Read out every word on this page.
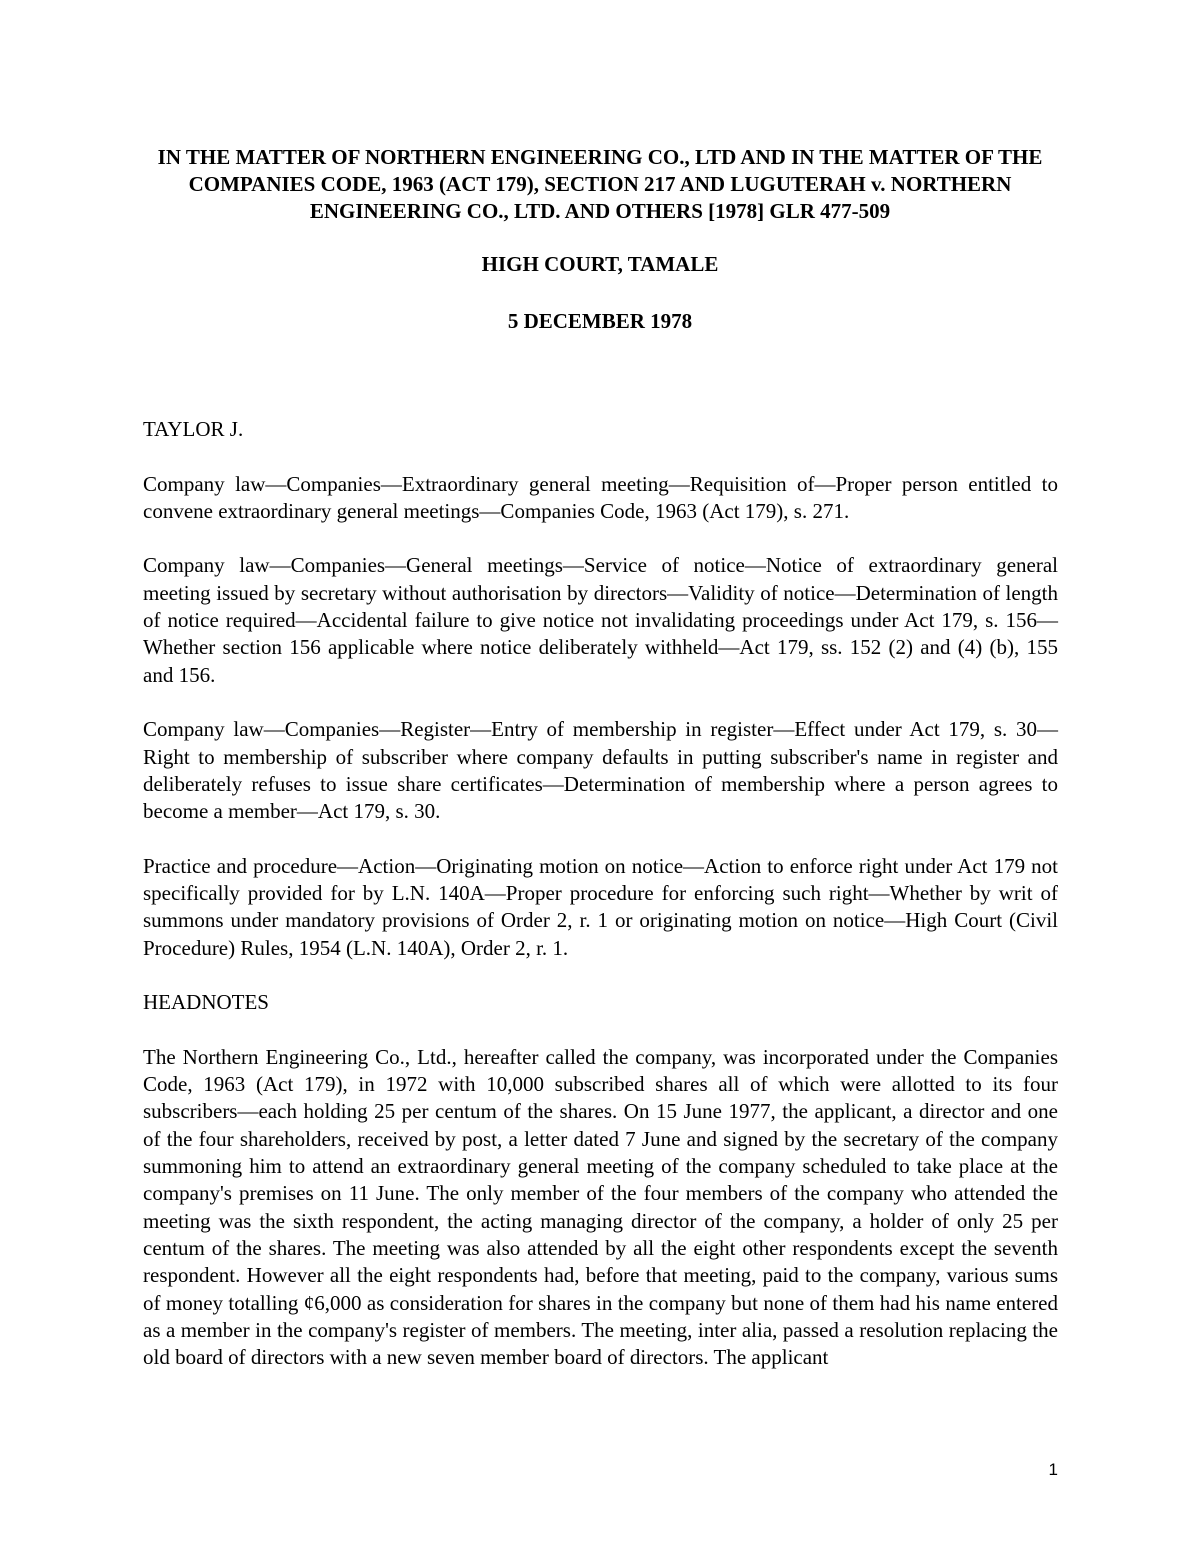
IN THE MATTER OF NORTHERN ENGINEERING CO., LTD AND IN THE MATTER OF THE COMPANIES CODE, 1963 (ACT 179), SECTION 217 AND LUGUTERAH v. NORTHERN ENGINEERING CO., LTD. AND OTHERS [1978] GLR 477-509
HIGH COURT, TAMALE
5 DECEMBER 1978

TAYLOR J.

Company law—Companies—Extraordinary general meeting—Requisition of—Proper person entitled to convene extraordinary general meetings—Companies Code, 1963 (Act 179), s. 271.

Company law—Companies—General meetings—Service of notice—Notice of extraordinary general meeting issued by secretary without authorisation by directors—Validity of notice—Determination of length of notice required—Accidental failure to give notice not invalidating proceedings under Act 179, s. 156—Whether section 156 applicable where notice deliberately withheld—Act 179, ss. 152 (2) and (4) (b), 155 and 156.

Company law—Companies—Register—Entry of membership in register—Effect under Act 179, s. 30—Right to membership of subscriber where company defaults in putting subscriber's name in register and deliberately refuses to issue share certificates—Determination of membership where a person agrees to become a member—Act 179, s. 30.

Practice and procedure—Action—Originating motion on notice—Action to enforce right under Act 179 not specifically provided for by L.N. 140A—Proper procedure for enforcing such right—Whether by writ of summons under mandatory provisions of Order 2, r. 1 or originating motion on notice—High Court (Civil Procedure) Rules, 1954 (L.N. 140A), Order 2, r. 1.

HEADNOTES

The Northern Engineering Co., Ltd., hereafter called the company, was incorporated under the Companies Code, 1963 (Act 179), in 1972 with 10,000 subscribed shares all of which were allotted to its four subscribers—each holding 25 per centum of the shares. On 15 June 1977, the applicant, a director and one of the four shareholders, received by post, a letter dated 7 June and signed by the secretary of the company summoning him to attend an extraordinary general meeting of the company scheduled to take place at the company's premises on 11 June. The only member of the four members of the company who attended the meeting was the sixth respondent, the acting managing director of the company, a holder of only 25 per centum of the shares. The meeting was also attended by all the eight other respondents except the seventh respondent. However all the eight respondents had, before that meeting, paid to the company, various sums of money totalling ¢6,000 as consideration for shares in the company but none of them had his name entered as a member in the company's register of members. The meeting, inter alia, passed a resolution replacing the old board of directors with a new seven member board of directors. The applicant

1
